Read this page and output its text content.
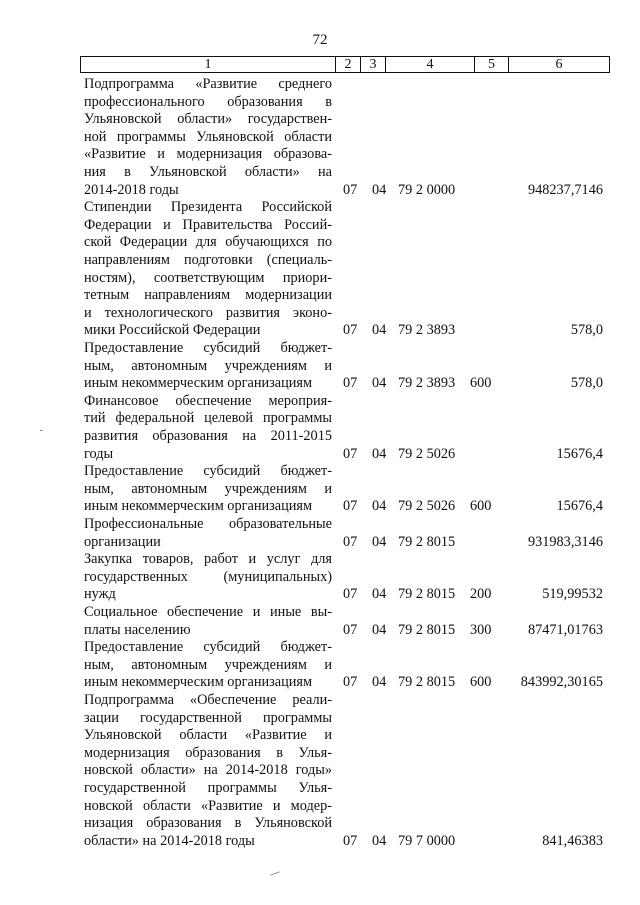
72
1	2	3	4	5	6
Подпрограмма «Развитие среднего
профессионального образования в
Ульяновской области» государствен-
ной программы Ульяновской области
«Развитие и модернизация образова-
ния в Ульяновской области» на
2014-2018 годы	07 04 79 2 0000	948237,7146
Стипендии Президента Российской
Федерации и Правительства Россий-
ской Федерации для обучающихся по
направлениям подготовки (специаль-
ностям), соответствующим приори-
тетным направлениям модернизации
и технологического развития эконо-
мики Российской Федерации	07 04 79 2 3893	578,0
Предоставление субсидий бюджет-
ным, автономным учреждениям и
иным некоммерческим организациям	07 04 79 2 3893 600	578,0
Финансовое обеспечение мероприя-
тий федеральной целевой программы
развития образования на 2011-2015
годы	07 04 79 2 5026	15676,4
Предоставление субсидий бюджет-
ным, автономным учреждениям и
иным некоммерческим организациям	07 04 79 2 5026 600	15676,4
Профессиональные образовательные
организации	07 04 79 2 8015	931983,3146
Закупка товаров, работ и услуг для
государственных (муниципальных)
нужд	07 04 79 2 8015 200	519,99532
Социальное обеспечение и иные вы-
платы населению	07 04 79 2 8015 300	87471,01763
Предоставление субсидий бюджет-
ным, автономным учреждениям и
иным некоммерческим организациям	07 04 79 2 8015 600 843992,30165
Подпрограмма «Обеспечение реали-
зации государственной программы
Ульяновской области «Развитие и
модернизация образования в Улья-
новской области» на 2014-2018 годы»
государственной программы Улья-
новской области «Развитие и модер-
низация образования в Ульяновской
области» на 2014-2018 годы	07 04 79 7 0000	841,46383
